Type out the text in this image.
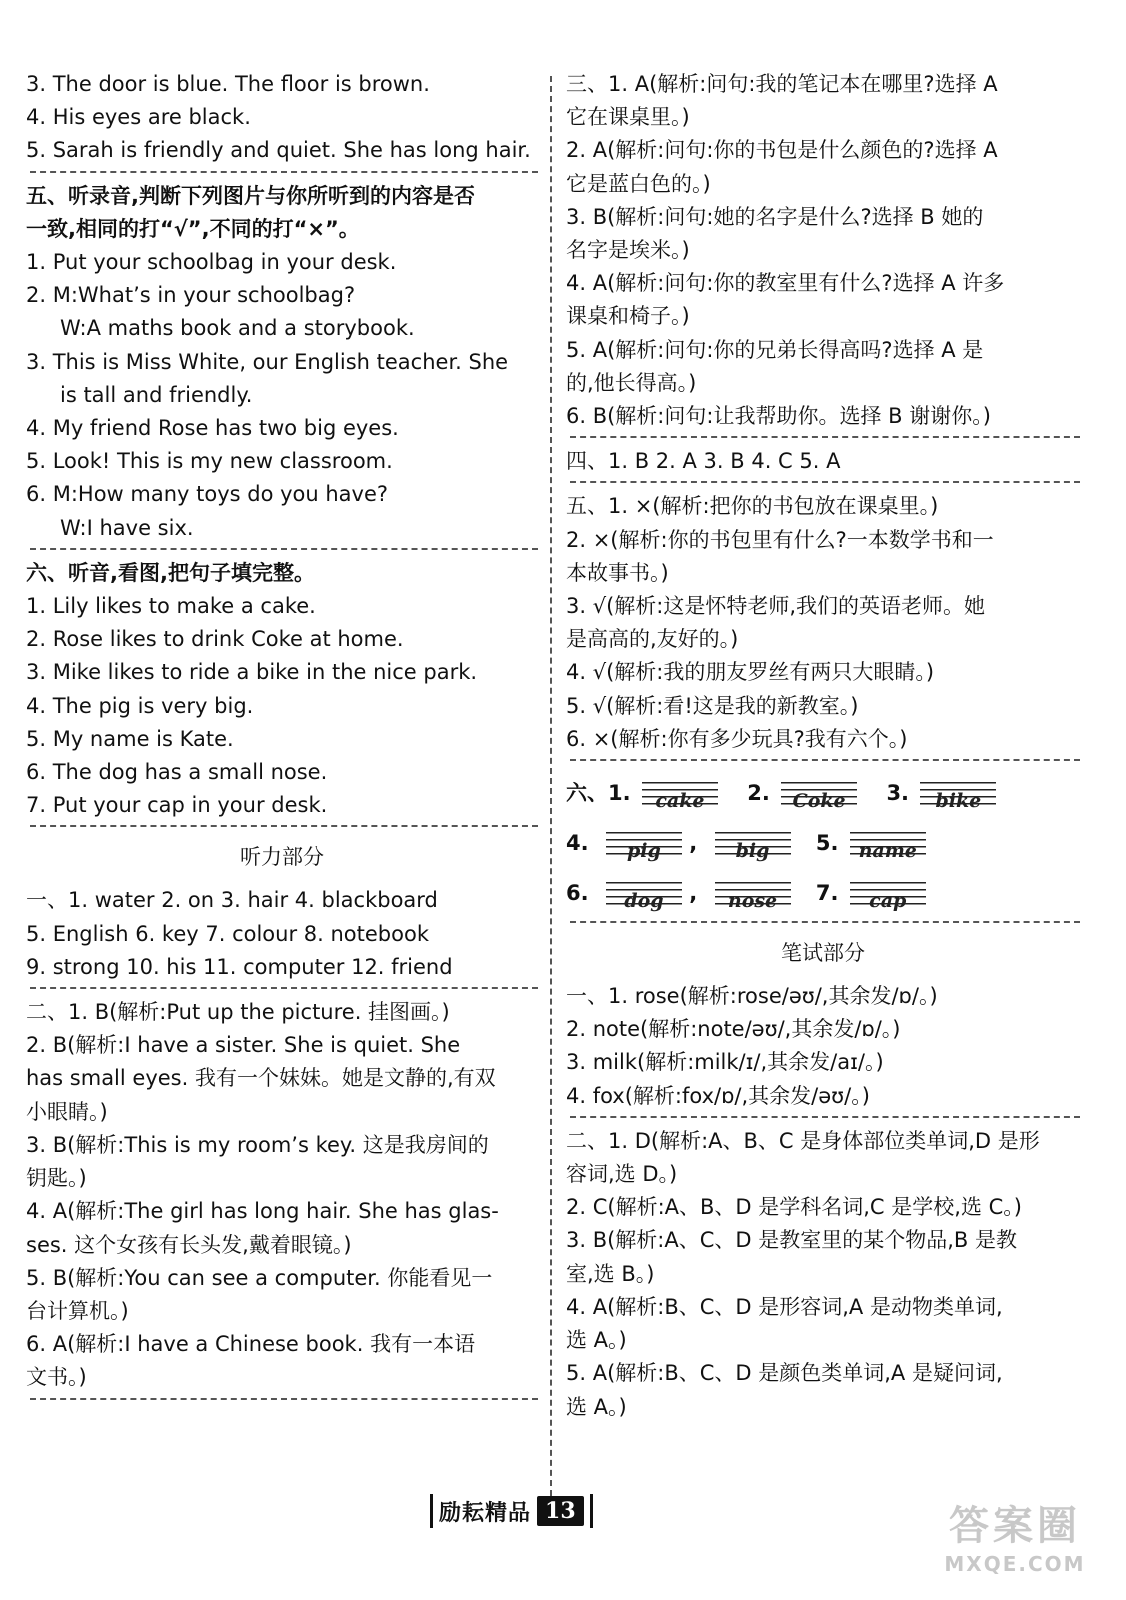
3. The door is blue. The floor is brown.
4. His eyes are black.
5. Sarah is friendly and quiet. She has long hair.
五、听录音,判断下列图片与你所听到的内容是否
一致,相同的打“√”,不同的打“×”。
1. Put your schoolbag in your desk.
2. M:What’s in your schoolbag?
W:A maths book and a storybook.
3. This is Miss White, our English teacher. She
is tall and friendly.
4. My friend Rose has two big eyes.
5. Look! This is my new classroom.
6. M:How many toys do you have?
W:I have six.
六、听音,看图,把句子填完整。
1. Lily likes to make a cake.
2. Rose likes to drink Coke at home.
3. Mike likes to ride a bike in the nice park.
4. The pig is very big.
5. My name is Kate.
6. The dog has a small nose.
7. Put your cap in your desk.
听力部分
一、1. water 2. on 3. hair 4. blackboard
5. English 6. key 7. colour 8. notebook
9. strong 10. his 11. computer 12. friend
二、1. B(解析:Put up the picture. 挂图画。)
2. B(解析:I have a sister. She is quiet. She
has small eyes. 我有一个妹妹。她是文静的,有双
小眼睛。)
3. B(解析:This is my room’s key. 这是我房间的
钥匙。)
4. A(解析:The girl has long hair. She has glas-
ses. 这个女孩有长头发,戴着眼镜。)
5. B(解析:You can see a computer. 你能看见一
台计算机。)
6. A(解析:I have a Chinese book. 我有一本语
文书。)
三、1. A(解析:问句:我的笔记本在哪里?选择 A
它在课桌里。)
2. A(解析:问句:你的书包是什么颜色的?选择 A
它是蓝白色的。)
3. B(解析:问句:她的名字是什么?选择 B 她的
名字是埃米。)
4. A(解析:问句:你的教室里有什么?选择 A 许多
课桌和椅子。)
5. A(解析:问句:你的兄弟长得高吗?选择 A 是
的,他长得高。)
6. B(解析:问句:让我帮助你。选择 B 谢谢你。)
四、1. B 2. A 3. B 4. C 5. A
五、1. ×(解析:把你的书包放在课桌里。)
2. ×(解析:你的书包里有什么?一本数学书和一
本故事书。)
3. √(解析:这是怀特老师,我们的英语老师。她
是高高的,友好的。)
4. √(解析:我的朋友罗丝有两只大眼睛。)
5. √(解析:看!这是我的新教室。)
6. ×(解析:你有多少玩具?我有六个。)
六、1.	cake	2.	Coke	3.	bike
4.	pig	,	big	5.	name
6.	dog	,	nose	7.	cap
笔试部分
一、1. rose(解析:rose/əʊ/,其余发/ɒ/。)
2. note(解析:note/əʊ/,其余发/ɒ/。)
3. milk(解析:milk/ɪ/,其余发/aɪ/。)
4. fox(解析:fox/ɒ/,其余发/əʊ/。)
二、1. D(解析:A、B、C 是身体部位类单词,D 是形
容词,选 D。)
2. C(解析:A、B、D 是学科名词,C 是学校,选 C。)
3. B(解析:A、C、D 是教室里的某个物品,B 是教
室,选 B。)
4. A(解析:B、C、D 是形容词,A 是动物类单词,
选 A。)
5. A(解析:B、C、D 是颜色类单词,A 是疑问词,
选 A。)
励耘精品 13	答案圈
MXQE.COM
